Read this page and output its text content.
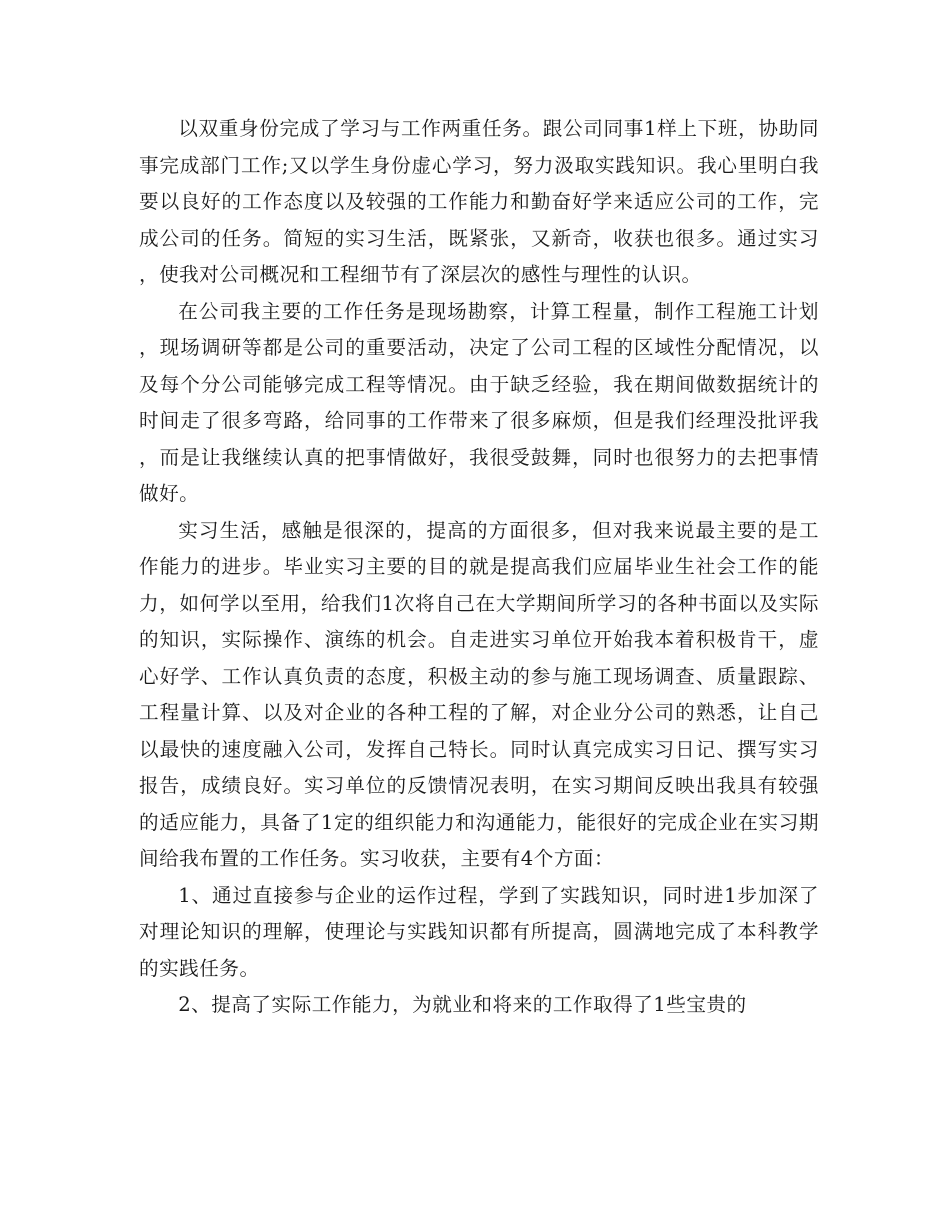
以双重身份完成了学习与工作两重任务。跟公司同事1样上下班，协助同事完成部门工作;又以学生身份虚心学习，努力汲取实践知识。我心里明白我要以良好的工作态度以及较强的工作能力和勤奋好学来适应公司的工作，完成公司的任务。简短的实习生活，既紧张，又新奇，收获也很多。通过实习，使我对公司概况和工程细节有了深层次的感性与理性的认识。

在公司我主要的工作任务是现场勘察，计算工程量，制作工程施工计划，现场调研等都是公司的重要活动，决定了公司工程的区域性分配情况，以及每个分公司能够完成工程等情况。由于缺乏经验，我在期间做数据统计的时间走了很多弯路，给同事的工作带来了很多麻烦，但是我们经理没批评我，而是让我继续认真的把事情做好，我很受鼓舞，同时也很努力的去把事情做好。

实习生活，感触是很深的，提高的方面很多，但对我来说最主要的是工作能力的进步。毕业实习主要的目的就是提高我们应届毕业生社会工作的能力，如何学以至用，给我们1次将自己在大学期间所学习的各种书面以及实际的知识，实际操作、演练的机会。自走进实习单位开始我本着积极肯干，虚心好学、工作认真负责的态度，积极主动的参与施工现场调查、质量跟踪、工程量计算、以及对企业的各种工程的了解，对企业分公司的熟悉，让自己以最快的速度融入公司，发挥自己特长。同时认真完成实习日记、撰写实习报告，成绩良好。实习单位的反馈情况表明，在实习期间反映出我具有较强的适应能力，具备了1定的组织能力和沟通能力，能很好的完成企业在实习期间给我布置的工作任务。实习收获，主要有4个方面：

1、通过直接参与企业的运作过程，学到了实践知识，同时进1步加深了对理论知识的理解，使理论与实践知识都有所提高，圆满地完成了本科教学的实践任务。

2、提高了实际工作能力，为就业和将来的工作取得了1些宝贵的
